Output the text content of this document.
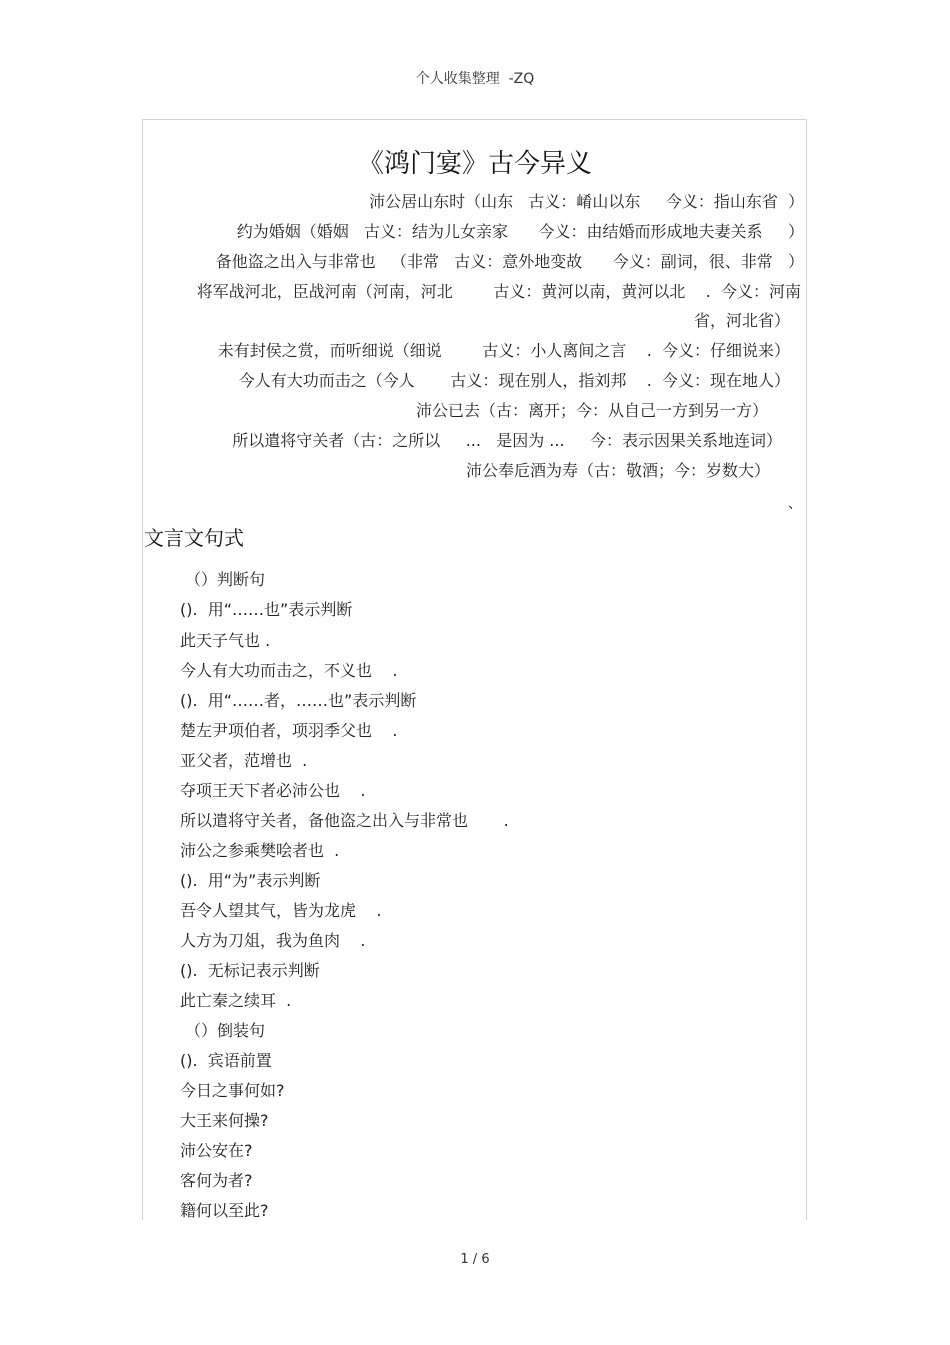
个人收集整理  -ZQ
《鸿门宴》古今异义
沛公居山东时（山东   古义：崤山以东     今义：指山东省  ）
约为婚姻（婚姻   古义：结为儿女亲家      今义：由结婚而形成地夫妻关系     ）
备他盗之出入与非常也   （非常   古义：意外地变故      今义：副词，很、非常   ）
将军战河北，臣战河南（河南，河北        古义：黄河以南，黄河以北    .  今义：河南
省，河北省）
未有封侯之赏，而听细说（细说        古义：小人离间之言    .  今义：仔细说来）
今人有大功而击之（今人       古义：现在别人，指刘邦    .  今义：现在地人）
沛公已去（古：离开；今：从自己一方到另一方）
所以遣将守关者（古：之所以     ...   是因为 ...     今：表示因果关系地连词）
沛公奉卮酒为寿（古：敬酒；今：岁数大）
、
文言文句式
（）判断句
().  用“……也”表示判断
此天子气也 .
今人有大功而击之，不义也    .
().  用“……者，……也”表示判断
楚左尹项伯者，项羽季父也    .
亚父者，范增也  .
夺项王天下者必沛公也    .
所以遣将守关者，备他盗之出入与非常也       .
沛公之参乘樊哙者也  .
().  用“为”表示判断
吾令人望其气，皆为龙虎    .
人方为刀俎，我为鱼肉    .
().  无标记表示判断
此亡秦之续耳  .
（）倒装句
().  宾语前置
今日之事何如?
大王来何操?
沛公安在?
客何为者?
籍何以至此?
1 / 6
